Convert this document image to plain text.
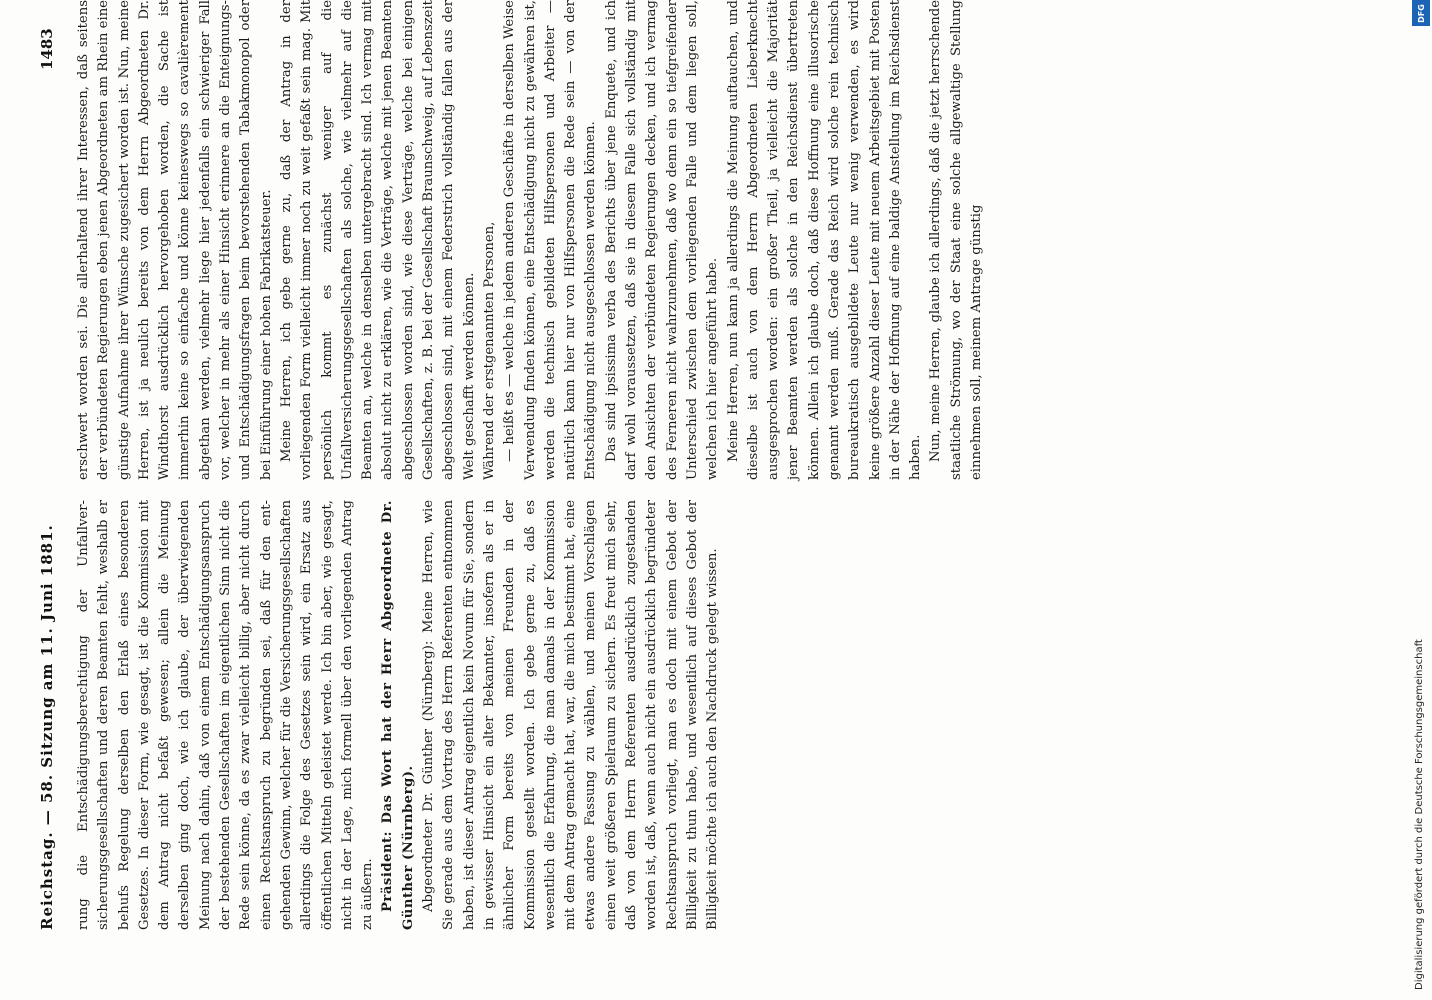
Reichstag. — 58. Sitzung am 11. Juni 1881.
1483

rung die Entschädigungsberechtigung der Unfallversicherungsgesellschaften und deren Beamten fehlt, weshalb er behufs Regelung derselben den Erlaß eines besonderen Gesetzes. In dieser Form, wie gesagt, ist die Kommission mit dem Antrag nicht befaßt gewesen; allein die Meinung derselben ging doch, wie ich glaube, der überwiegenden Meinung nach dahin, daß von einem Entschädigungsanspruch der bestehenden Gesellschaften im eigentlichen Sinn nicht die Rede sein könne, da es zwar vielleicht billig, aber nicht durch einen Rechtsanspruch zu begründen sei, daß für den entgehenden Gewinn, welcher für die Versicherungsgesellschaften allerdings die Folge des Gesetzes sein wird, ein Ersatz aus öffentlichen Mitteln geleistet werde. Ich bin aber, wie gesagt, nicht in der Lage, mich formell über den vorliegenden Antrag zu äußern. Präsident: Das Wort hat der Herr Abgeordnete Dr. Günther (Nürnberg). Abgeordneter Dr. Günther (Nürnberg): Meine Herren, wie Sie gerade aus dem Vortrag des Herrn Referenten entnommen haben, ist dieser Antrag eigentlich kein Novum für Sie, sondern in gewisser Hinsicht ein alter Bekannter, insofern als er in ähnlicher Form bereits von meinen Freunden in der Kommission gestellt worden. Ich gebe gerne zu, daß es wesentlich die Erfahrung, die man damals in der Kommission mit dem Antrag gemacht hat, war, die mich bestimmt hat, eine etwas andere Fassung zu wählen, und meinen Vorschlägen einen weit größeren Spielraum zu sichern. Es freut mich sehr, daß von dem Herrn Referenten ausdrücklich zugestanden worden ist, daß, wenn auch nicht ein ausdrücklich begründeter Rechtsanspruch vorliegt, man es doch mit einem Gebot der Billigkeit zu thun habe, und wesentlich auf dieses Gebot der Billigkeit möchte ich auch den Nachdruck gelegt wissen.

erschwert worden sei. Die allerhaltend ihrer Interessen, daß seitens der verbündeten Regierungen eben jenen Abgeordneten am Rhein eine günstige Aufnahme ihrer Wünsche zugesichert worden ist. Nun, meine Herren, ist ja neulich bereits von dem Herrn Abgeordneten Dr. Windthorst ausdrücklich hervorgehoben worden, die Sache ist immerhin keine so einfache und könne keineswegs so cavalièrement abgethan werden, vielmehr liege hier jedenfalls ein schwieriger Fall vor, welcher in mehr als einer Hinsicht erinnere an die Enteignungs- und Entschädigungsfragen beim bevorstehenden Tabakmonopol oder bei Einführung einer hohen Fabrikatsteuer. Meine Herren, ich gebe gerne zu, daß der Antrag in der vorliegenden Form vielleicht immer noch zu weit gefaßt sein mag. Mit persönlich kommt es zunächst weniger auf die Unfallversicherungsgesellschaften als solche, wie vielmehr auf die Beamten an, welche in denselben untergebracht sind. Ich vermag mit absolut nicht zu erklären, wie die Verträge, welche mit jenen Beamten abgeschlossen worden sind, wie diese Verträge, welche bei einigen Gesellschaften, z. B. bei der Gesellschaft Braunschweig, auf Lebenszeit abgeschlossen sind, mit einem Federstrich vollständig fallen aus der Welt geschafft werden können. Während der erstgenannten Personen, — heißt es — welche in jedem anderen Geschäfte in derselben Weise Verwendung finden können, eine Entschädigung nicht zu gewähren ist, werden die technisch gebildeten Hilfspersonen und Arbeiter — natürlich kann hier nur von Hilfspersonen die Rede sein — von der Entschädigung nicht ausgeschlossen werden können. Das sind ipsissima verba des Berichts über jene Enquete, und ich darf wohl voraussetzen, daß sie in diesem Falle sich vollständig mit den Ansichten der verbündeten Regierungen decken, und ich vermag des Ferneren nicht wahrzunehmen, daß wo denn ein so tiefgreifender Unterschied zwischen dem vorliegenden Falle und dem liegen soll, welchen ich hier angeführt habe. Meine Herren, nun kann ja allerdings die Meinung auftauchen, und dieselbe ist auch von dem Herrn Abgeordneten Lieberknecht ausgesprochen worden: ein großer Theil, ja vielleicht die Majorität jener Beamten werden als solche in den Reichsdienst übertreten können. Allein ich glaube doch, daß diese Hoffnung eine illusorische genannt werden muß. Gerade das Reich wird solche rein technisch bureaukratisch ausgebildete Leute nur wenig verwenden, es wird keine größere Anzahl dieser Leute mit neuem Arbeitsgebiet mit Posten in der Nähe der Hoffnung auf eine baldige Anstellung im Reichsdienst haben. Nun, meine Herren, glaube ich allerdings, daß die jetzt herrschende staatliche Strömung, wo der Staat eine solche allgewaltige Stellung einnehmen soll, meinem Antrage günstig

Digitalisierung gefördert durch die Deutsche Forschungsgemeinschaft
DFG
